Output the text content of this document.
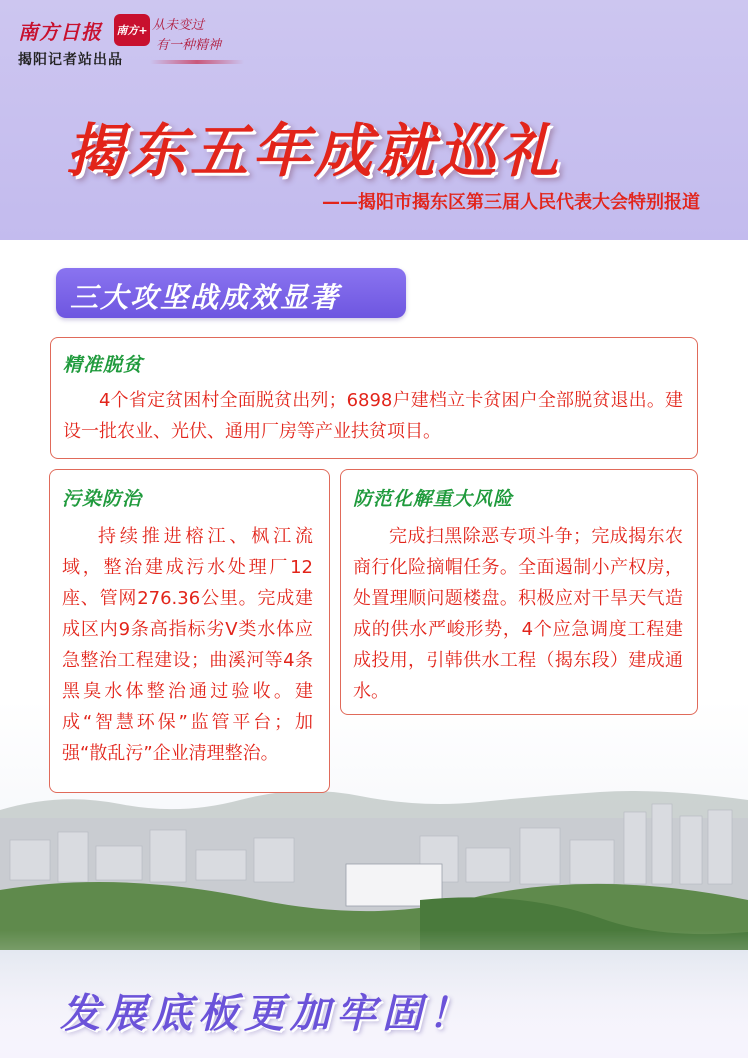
南方日报	南方+
揭阳记者站出品
从未变过
有一种精神
揭东五年成就巡礼
——揭阳市揭东区第三届人民代表大会特别报道
三大攻坚战成效显著
精准脱贫

4个省定贫困村全面脱贫出列；6898户建档立卡贫困户全部脱贫退出。建设一批农业、光伏、通用厂房等产业扶贫项目。

污染防治

持续推进榕江、枫江流域，整治建成污水处理厂12座、管网276.36公里。完成建成区内9条高指标劣Ⅴ类水体应急整治工程建设；曲溪河等4条黑臭水体整治通过验收。建成“智慧环保”监管平台；加强“散乱污”企业清理整治。

防范化解重大风险

完成扫黑除恶专项斗争；完成揭东农商行化险摘帽任务。全面遏制小产权房，处置理顺问题楼盘。积极应对干旱天气造成的供水严峻形势，4个应急调度工程建成投用，引韩供水工程（揭东段）建成通水。

发展底板更加牢固！
